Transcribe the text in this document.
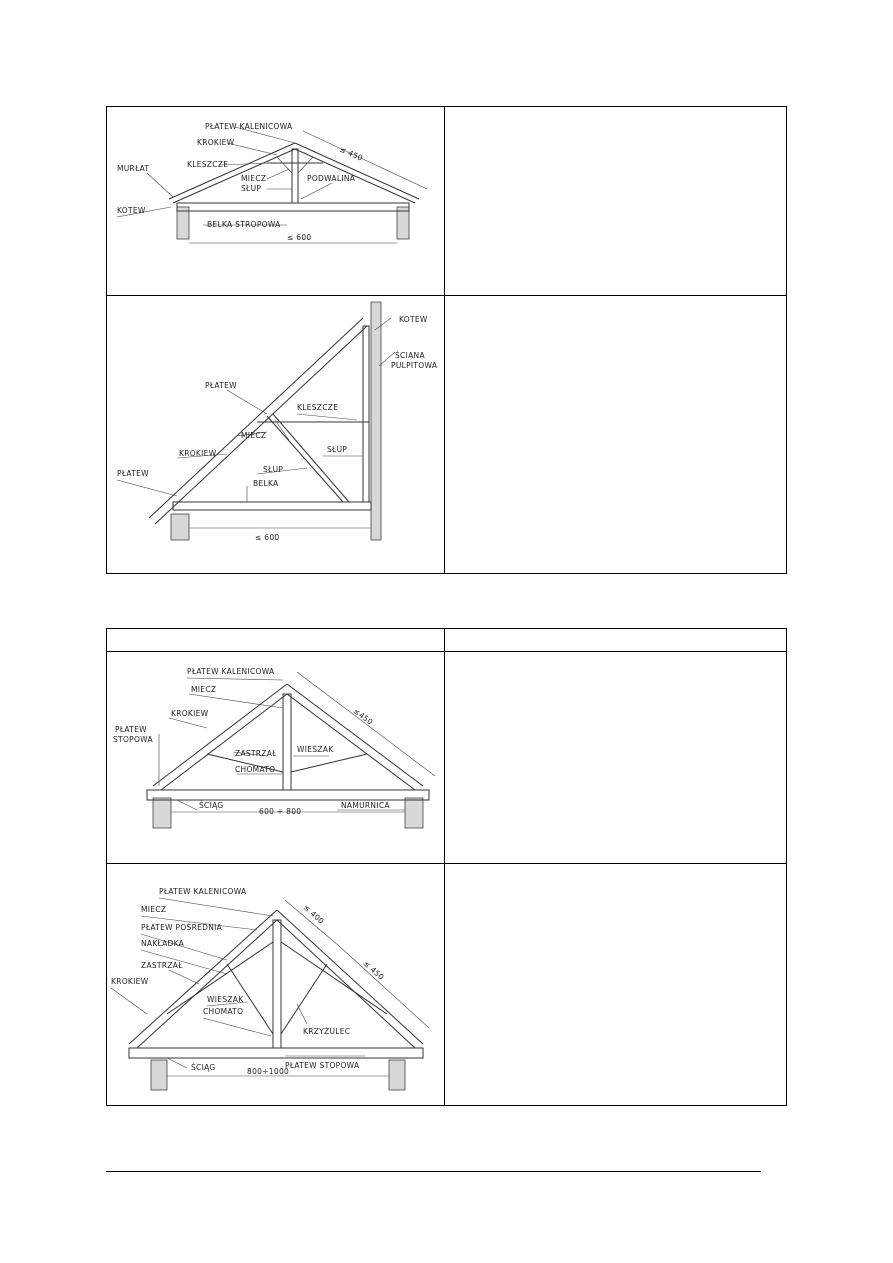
PŁATEW KALENICOWA
KROKIEW
KLESZCZE
MURŁAT
MIECZ
SŁUP
PODWALINA
KOTEW
BELKA STROPOWA
≤ 450
≤ 600
KOTEW
ŚCIANA
PULPITOWA
PŁATEW
KLESZCZE
MIECZ
SŁUP
KROKIEW
SŁUP
BELKA
PŁATEW
≤ 600
PŁATEW KALENICOWA
MIECZ
KROKIEW
PŁATEW
STOPOWA
ZASTRZAŁ	WIESZAK
CHOMATO
ŚCIĄG
600 ÷ 800
NAMURNICA
≤450
PŁATEW KALENICOWA
MIECZ
PŁATEW POŚREDNIA
NAKŁADKA
ZASTRZAŁ
KROKIEW
WIESZAK
CHOMATO
KRZYŻULEC
ŚCIĄG	800÷1000
PŁATEW STOPOWA
≤ 400
≤ 450
